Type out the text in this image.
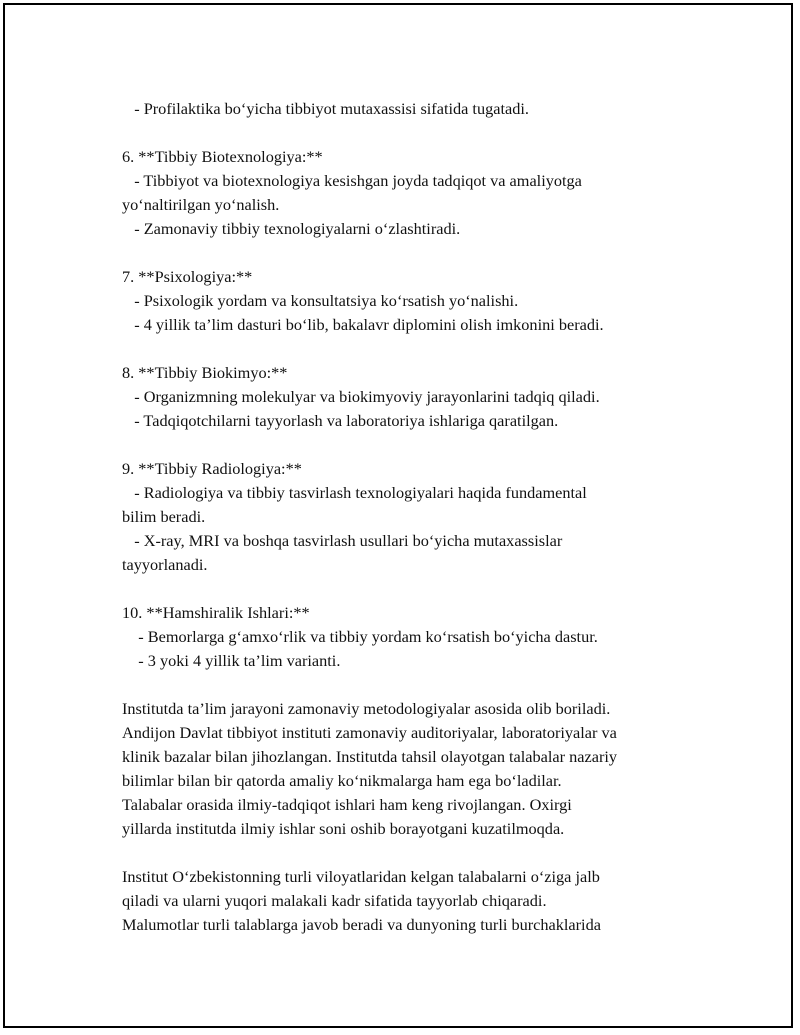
- Profilaktika bo‘yicha tibbiyot mutaxassisi sifatida tugatadi.

6. **Tibbiy Biotexnologiya:**

- Tibbiyot va biotexnologiya kesishgan joyda tadqiqot va amaliyotga

yo‘naltirilgan yo‘nalish.

- Zamonaviy tibbiy texnologiyalarni o‘zlashtiradi.

7. **Psixologiya:**

- Psixologik yordam va konsultatsiya ko‘rsatish yo‘nalishi.

- 4 yillik ta’lim dasturi bo‘lib, bakalavr diplomini olish imkonini beradi.

8. **Tibbiy Biokimyo:**

- Organizmning molekulyar va biokimyoviy jarayonlarini tadqiq qiladi.

- Tadqiqotchilarni tayyorlash va laboratoriya ishlariga qaratilgan.

9. **Tibbiy Radiologiya:**

- Radiologiya va tibbiy tasvirlash texnologiyalari haqida fundamental

bilim beradi.

- X-ray, MRI va boshqa tasvirlash usullari bo‘yicha mutaxassislar

tayyorlanadi.

10. **Hamshiralik Ishlari:**

- Bemorlarga g‘amxo‘rlik va tibbiy yordam ko‘rsatish bo‘yicha dastur.

- 3 yoki 4 yillik ta’lim varianti.

Institutda ta’lim jarayoni zamonaviy metodologiyalar asosida olib boriladi.

Andijon Davlat tibbiyot instituti zamonaviy auditoriyalar, laboratoriyalar va

klinik bazalar bilan jihozlangan. Institutda tahsil olayotgan talabalar nazariy

bilimlar bilan bir qatorda amaliy ko‘nikmalarga ham ega bo‘ladilar.

Talabalar orasida ilmiy-tadqiqot ishlari ham keng rivojlangan. Oxirgi

yillarda institutda ilmiy ishlar soni oshib borayotgani kuzatilmoqda.

Institut O‘zbekistonning turli viloyatlaridan kelgan talabalarni o‘ziga jalb

qiladi va ularni yuqori malakali kadr sifatida tayyorlab chiqaradi.

Malumotlar turli talablarga javob beradi va dunyoning turli burchaklarida
